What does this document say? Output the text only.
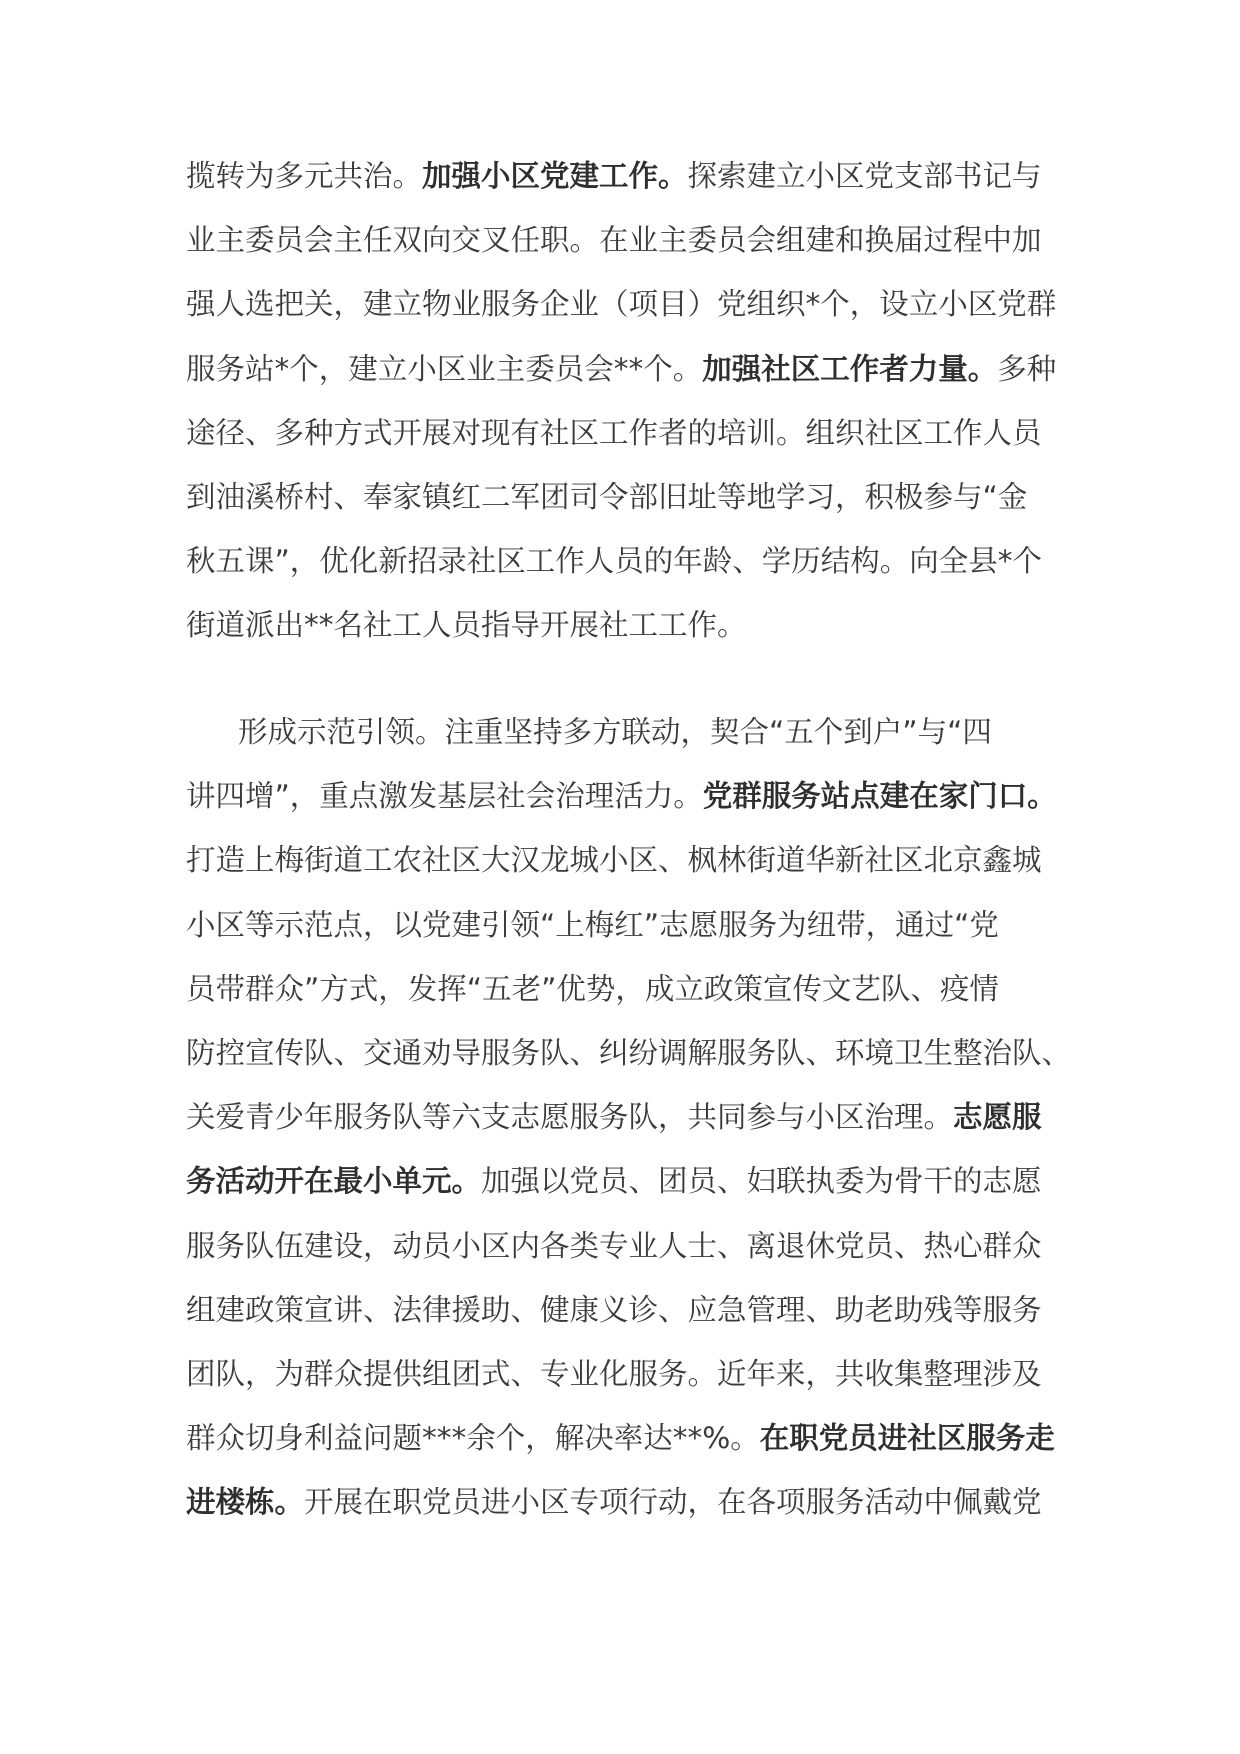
揽转为多元共治。加强小区党建工作。探索建立小区党支部书记与
业主委员会主任双向交叉任职。在业主委员会组建和换届过程中加
强人选把关，建立物业服务企业（项目）党组织*个，设立小区党群
服务站*个，建立小区业主委员会**个。加强社区工作者力量。多种
途径、多种方式开展对现有社区工作者的培训。组织社区工作人员
到油溪桥村、奉家镇红二军团司令部旧址等地学习，积极参与“金
秋五课”，优化新招录社区工作人员的年龄、学历结构。向全县*个
街道派出**名社工人员指导开展社工工作。
形成示范引领。注重坚持多方联动，契合“五个到户”与“四
讲四增”，重点激发基层社会治理活力。党群服务站点建在家门口。
打造上梅街道工农社区大汉龙城小区、枫林街道华新社区北京鑫城
小区等示范点，以党建引领“上梅红”志愿服务为纽带，通过“党
员带群众”方式，发挥“五老”优势，成立政策宣传文艺队、疫情
防控宣传队、交通劝导服务队、纠纷调解服务队、环境卫生整治队、
关爱青少年服务队等六支志愿服务队，共同参与小区治理。志愿服
务活动开在最小单元。加强以党员、团员、妇联执委为骨干的志愿
服务队伍建设，动员小区内各类专业人士、离退休党员、热心群众
组建政策宣讲、法律援助、健康义诊、应急管理、助老助残等服务
团队，为群众提供组团式、专业化服务。近年来，共收集整理涉及
群众切身利益问题***余个，解决率达**%。在职党员进社区服务走
进楼栋。开展在职党员进小区专项行动，在各项服务活动中佩戴党
